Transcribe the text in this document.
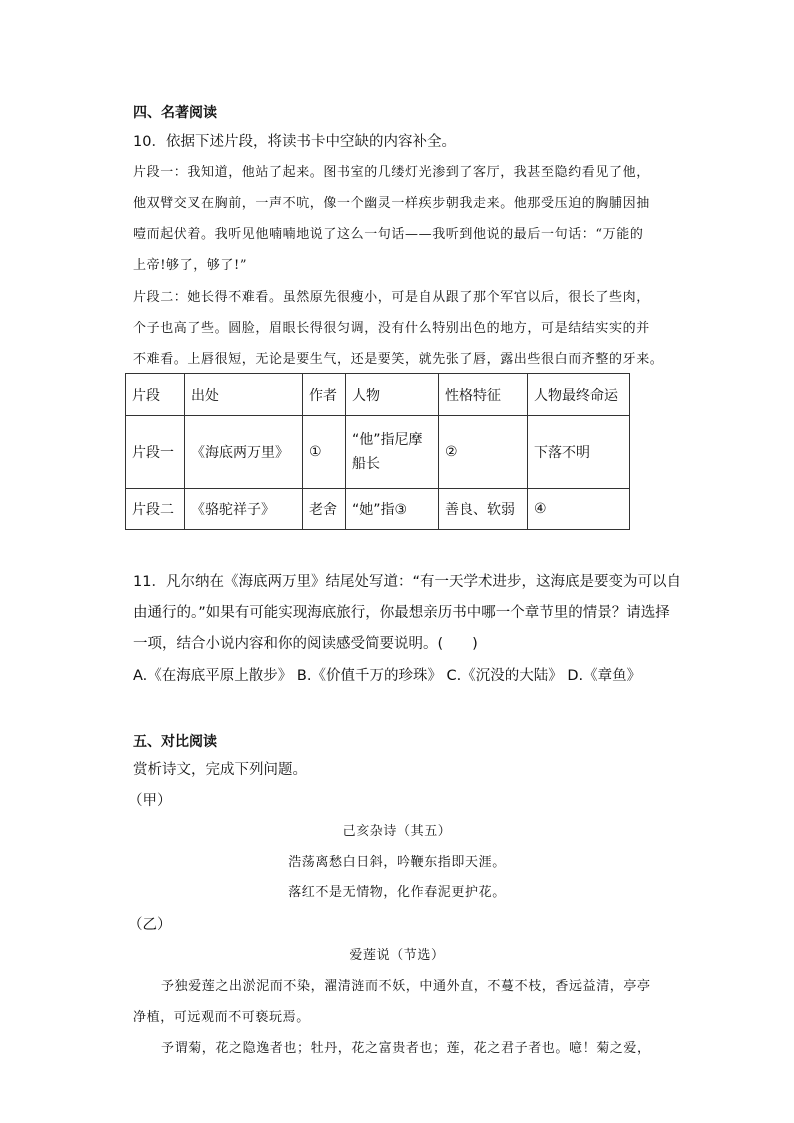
四、名著阅读
10．依据下述片段，将读书卡中空缺的内容补全。
片段一：我知道，他站了起来。图书室的几缕灯光渗到了客厅，我甚至隐约看见了他，
他双臂交叉在胸前，一声不吭，像一个幽灵一样疾步朝我走来。他那受压迫的胸脯因抽
噎而起伏着。我听见他喃喃地说了这么一句话——我听到他说的最后一句话：“万能的
上帝!够了，够了!”
片段二：她长得不难看。虽然原先很瘦小，可是自从跟了那个军官以后，很长了些肉，
个子也高了些。圆脸，眉眼长得很匀调，没有什么特别出色的地方，可是结结实实的并
不难看。上唇很短，无论是要生气，还是要笑，就先张了唇，露出些很白而齐整的牙来。
片段	出处	作者	人物	性格特征	人物最终命运
片段一	《海底两万里》	①	“他”指尼摩船长	②	下落不明
片段二	《骆驼祥子》	老舍	“她”指③	善良、软弱	④
11．凡尔纳在《海底两万里》结尾处写道：“有一天学术进步，这海底是要变为可以自
由通行的。”如果有可能实现海底旅行，你最想亲历书中哪一个章节里的情景？请选择
一项，结合小说内容和你的阅读感受简要说明。(　　)
A.《在海底平原上散步》 B.《价值千万的珍珠》 C.《沉没的大陆》 D.《章鱼》
五、对比阅读
赏析诗文，完成下列问题。
（甲）
己亥杂诗（其五）
浩荡离愁白日斜，吟鞭东指即天涯。
落红不是无情物，化作春泥更护花。
（乙）
爱莲说（节选）
予独爱莲之出淤泥而不染，濯清涟而不妖，中通外直，不蔓不枝，香远益清，亭亭
净植，可远观而不可亵玩焉。
予谓菊，花之隐逸者也；牡丹，花之富贵者也；莲，花之君子者也。噫！菊之爱，
